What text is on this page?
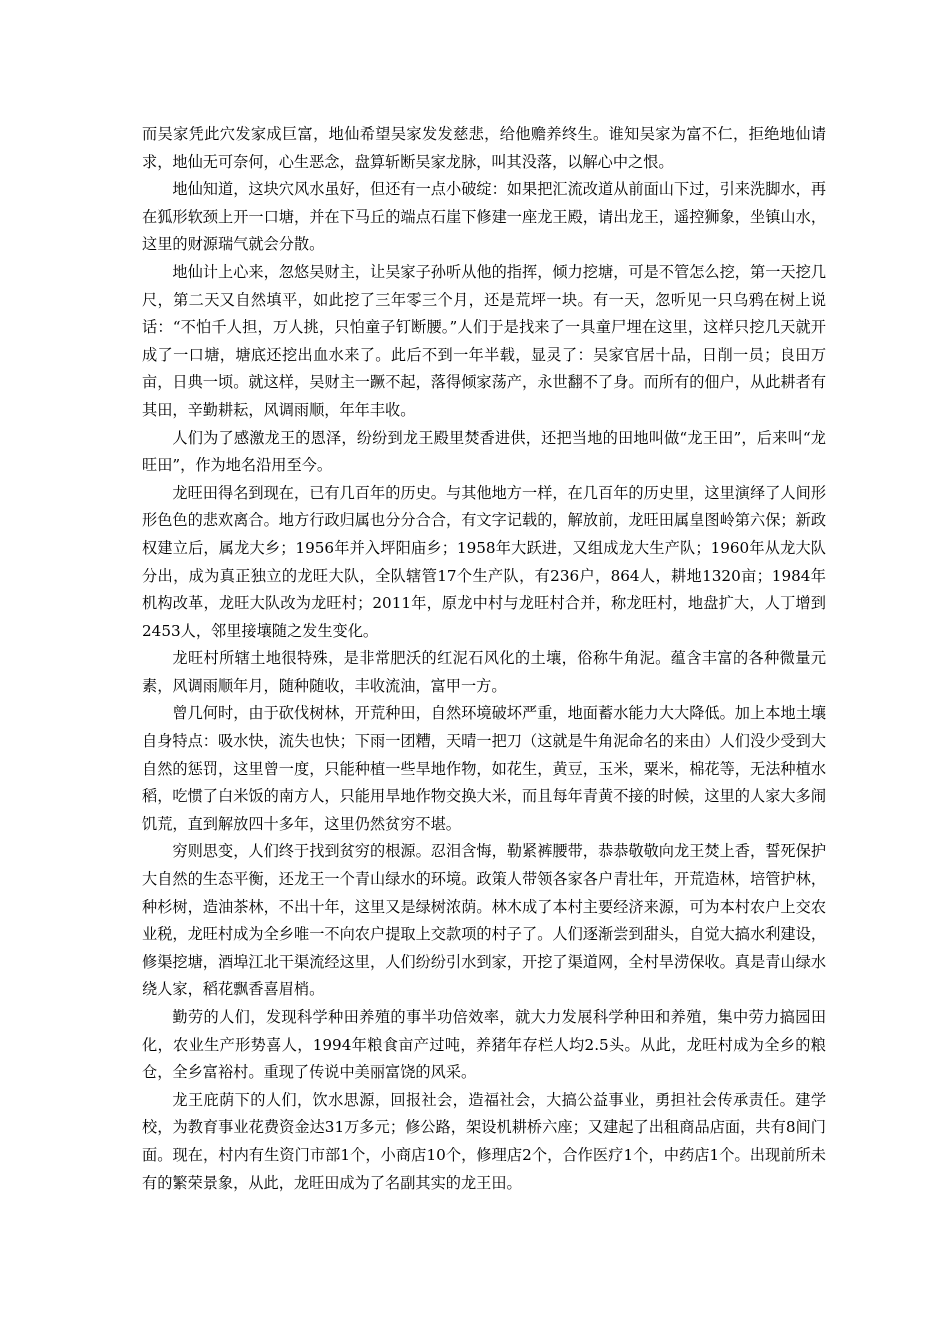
而吴家凭此穴发家成巨富，地仙希望吴家发发慈悲，给他赡养终生。谁知吴家为富不仁，拒绝地仙请求，地仙无可奈何，心生恶念，盘算斩断吴家龙脉，叫其没落，以解心中之恨。

地仙知道，这块穴风水虽好，但还有一点小破绽：如果把汇流改道从前面山下过，引来洗脚水，再在狐形软颈上开一口塘，并在下马丘的端点石崖下修建一座龙王殿，请出龙王，遥控狮象，坐镇山水，这里的财源瑞气就会分散。

地仙计上心来，忽悠吴财主，让吴家子孙听从他的指挥，倾力挖塘，可是不管怎么挖，第一天挖几尺，第二天又自然填平，如此挖了三年零三个月，还是荒坪一块。有一天，忽听见一只乌鸦在树上说话：“不怕千人担，万人挑，只怕童子钉断腰。”人们于是找来了一具童尸埋在这里，这样只挖几天就开成了一口塘，塘底还挖出血水来了。此后不到一年半载，显灵了：吴家官居十品，日削一员；良田万亩，日典一顷。就这样，吴财主一蹶不起，落得倾家荡产，永世翻不了身。而所有的佃户，从此耕者有其田，辛勤耕耘，风调雨顺，年年丰收。

人们为了感激龙王的恩泽，纷纷到龙王殿里焚香进供，还把当地的田地叫做“龙王田”，后来叫“龙旺田”，作为地名沿用至今。

龙旺田得名到现在，已有几百年的历史。与其他地方一样，在几百年的历史里，这里演绎了人间形形色色的悲欢离合。地方行政归属也分分合合，有文字记载的，解放前，龙旺田属皇图岭第六保；新政权建立后，属龙大乡；1956年并入坪阳庙乡；1958年大跃进，又组成龙大生产队；1960年从龙大队分出，成为真正独立的龙旺大队，全队辖管17个生产队，有236户，864人，耕地1320亩；1984年机构改革，龙旺大队改为龙旺村；2011年，原龙中村与龙旺村合并，称龙旺村，地盘扩大，人丁增到2453人，邻里接壤随之发生变化。

龙旺村所辖土地很特殊，是非常肥沃的红泥石风化的土壤，俗称牛角泥。蕴含丰富的各种微量元素，风调雨顺年月，随种随收，丰收流油，富甲一方。

曾几何时，由于砍伐树林，开荒种田，自然环境破坏严重，地面蓄水能力大大降低。加上本地土壤自身特点：吸水快，流失也快；下雨一团糟，天晴一把刀（这就是牛角泥命名的来由）人们没少受到大自然的惩罚，这里曾一度，只能种植一些旱地作物，如花生，黄豆，玉米，粟米，棉花等，无法种植水稻，吃惯了白米饭的南方人，只能用旱地作物交换大米，而且每年青黄不接的时候，这里的人家大多闹饥荒，直到解放四十多年，这里仍然贫穷不堪。

穷则思变，人们终于找到贫穷的根源。忍泪含悔，勒紧裤腰带，恭恭敬敬向龙王焚上香，誓死保护大自然的生态平衡，还龙王一个青山绿水的环境。政策人带领各家各户青壮年，开荒造林，培管护林，种杉树，造油茶林，不出十年，这里又是绿树浓荫。林木成了本村主要经济来源，可为本村农户上交农业税，龙旺村成为全乡唯一不向农户提取上交款项的村子了。人们逐渐尝到甜头，自觉大搞水利建设，修渠挖塘，酒埠江北干渠流经这里，人们纷纷引水到家，开挖了渠道网，全村旱涝保收。真是青山绿水绕人家，稻花飘香喜眉梢。

勤劳的人们，发现科学种田养殖的事半功倍效率，就大力发展科学种田和养殖，集中劳力搞园田化，农业生产形势喜人，1994年粮食亩产过吨，养猪年存栏人均2.5头。从此，龙旺村成为全乡的粮仓，全乡富裕村。重现了传说中美丽富饶的风采。

龙王庇荫下的人们，饮水思源，回报社会，造福社会，大搞公益事业，勇担社会传承责任。建学校，为教育事业花费资金达31万多元；修公路，架设机耕桥六座；又建起了出租商品店面，共有8间门面。现在，村内有生资门市部1个，小商店10个，修理店2个，合作医疗1个，中药店1个。出现前所未有的繁荣景象，从此，龙旺田成为了名副其实的龙王田。
